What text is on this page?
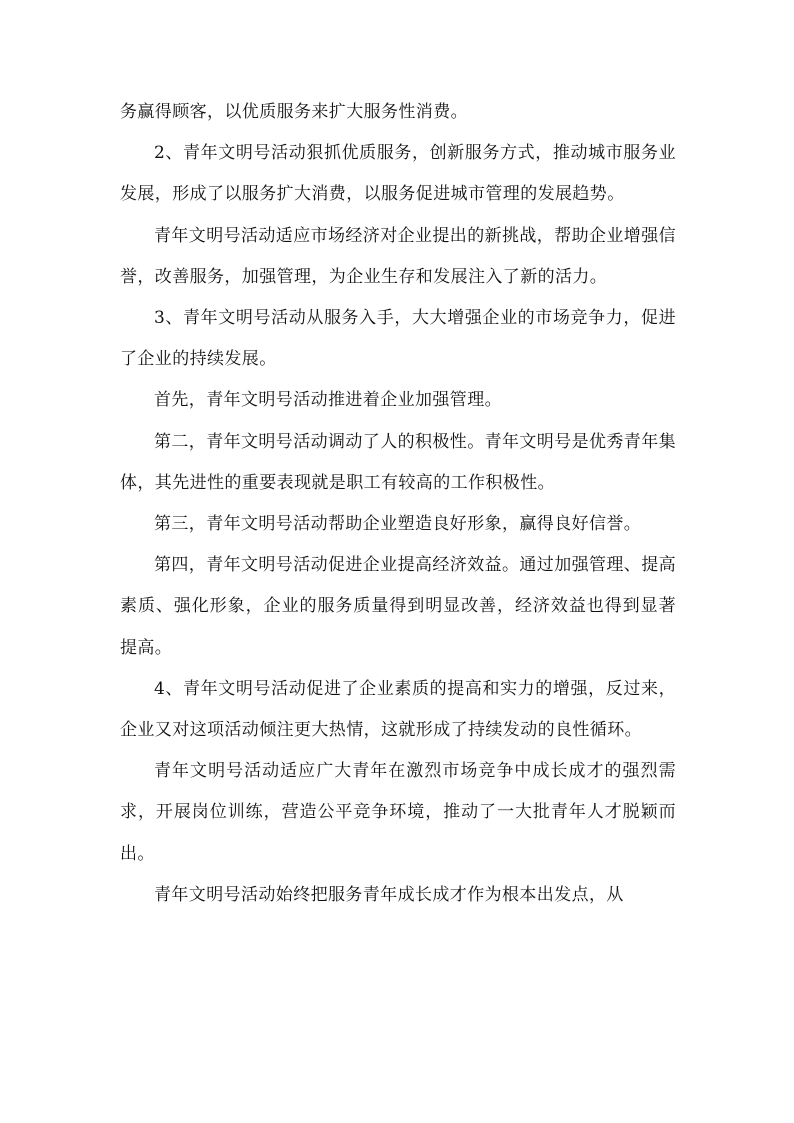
务赢得顾客，以优质服务来扩大服务性消费。

2、青年文明号活动狠抓优质服务，创新服务方式，推动城市服务业发展，形成了以服务扩大消费，以服务促进城市管理的发展趋势。

青年文明号活动适应市场经济对企业提出的新挑战，帮助企业增强信誉，改善服务，加强管理，为企业生存和发展注入了新的活力。

3、青年文明号活动从服务入手，大大增强企业的市场竞争力，促进了企业的持续发展。

首先，青年文明号活动推进着企业加强管理。

第二，青年文明号活动调动了人的积极性。青年文明号是优秀青年集体，其先进性的重要表现就是职工有较高的工作积极性。

第三，青年文明号活动帮助企业塑造良好形象，赢得良好信誉。

第四，青年文明号活动促进企业提高经济效益。通过加强管理、提高素质、强化形象，企业的服务质量得到明显改善，经济效益也得到显著提高。

4、青年文明号活动促进了企业素质的提高和实力的增强，反过来，企业又对这项活动倾注更大热情，这就形成了持续发动的良性循环。

青年文明号活动适应广大青年在激烈市场竞争中成长成才的强烈需求，开展岗位训练，营造公平竞争环境，推动了一大批青年人才脱颖而出。

青年文明号活动始终把服务青年成长成才作为根本出发点，从
